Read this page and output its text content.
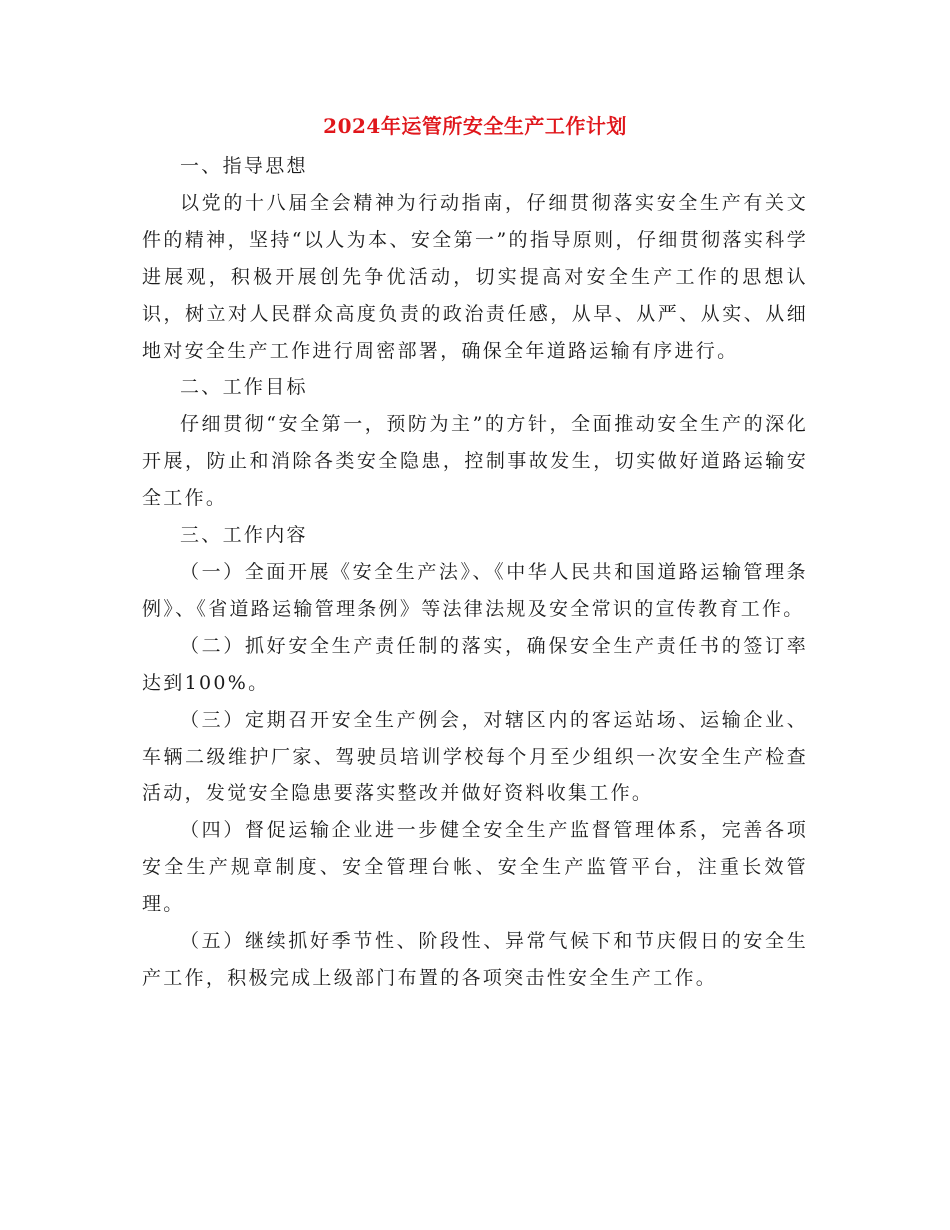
2024年运管所安全生产工作计划

一、指导思想

以党的十八届全会精神为行动指南，仔细贯彻落实安全生产有关文件的精神，坚持“以人为本、安全第一”的指导原则，仔细贯彻落实科学进展观，积极开展创先争优活动，切实提高对安全生产工作的思想认识，树立对人民群众高度负责的政治责任感，从早、从严、从实、从细地对安全生产工作进行周密部署，确保全年道路运输有序进行。

二、工作目标

仔细贯彻“安全第一，预防为主”的方针，全面推动安全生产的深化开展，防止和消除各类安全隐患，控制事故发生，切实做好道路运输安全工作。

三、工作内容

（一）全面开展《安全生产法》、《中华人民共和国道路运输管理条例》、《省道路运输管理条例》等法律法规及安全常识的宣传教育工作。

（二）抓好安全生产责任制的落实，确保安全生产责任书的签订率达到100%。

（三）定期召开安全生产例会，对辖区内的客运站场、运输企业、车辆二级维护厂家、驾驶员培训学校每个月至少组织一次安全生产检查活动，发觉安全隐患要落实整改并做好资料收集工作。

（四）督促运输企业进一步健全安全生产监督管理体系，完善各项安全生产规章制度、安全管理台帐、安全生产监管平台，注重长效管理。

（五）继续抓好季节性、阶段性、异常气候下和节庆假日的安全生产工作，积极完成上级部门布置的各项突击性安全生产工作。
